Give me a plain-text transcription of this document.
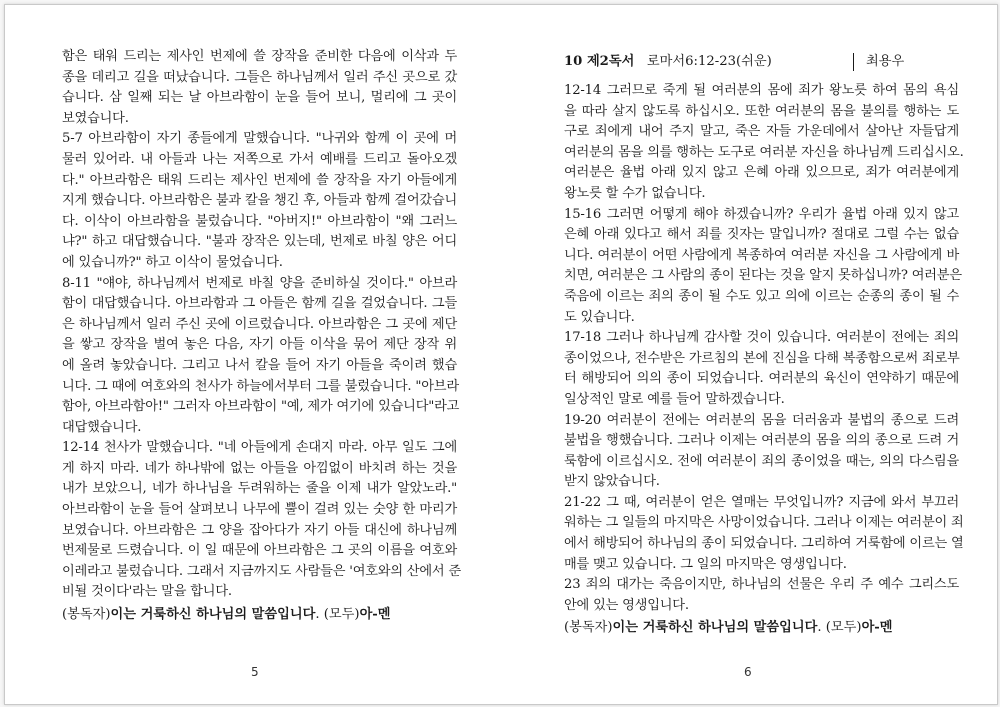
함은 태워 드리는 제사인 번제에 쓸 장작을 준비한 다음에 이삭과 두
종을 데리고 길을 떠났습니다. 그들은 하나님께서 일러 주신 곳으로 갔
습니다. 삼 일째 되는 날 아브라함이 눈을 들어 보니, 멀리에 그 곳이
보였습니다.
5-7 아브라함이 자기 종들에게 말했습니다. "나귀와 함께 이 곳에 머
물러 있어라. 내 아들과 나는 저쪽으로 가서 예배를 드리고 돌아오겠
다." 아브라함은 태워 드리는 제사인 번제에 쓸 장작을 자기 아들에게
지게 했습니다. 아브라함은 불과 칼을 챙긴 후, 아들과 함께 걸어갔습니
다. 이삭이 아브라함을 불렀습니다. "아버지!" 아브라함이 "왜 그러느
냐?" 하고 대답했습니다. "불과 장작은 있는데, 번제로 바칠 양은 어디
에 있습니까?" 하고 이삭이 물었습니다.
8-11 "얘야, 하나님께서 번제로 바칠 양을 준비하실 것이다." 아브라
함이 대답했습니다. 아브라함과 그 아들은 함께 길을 걸었습니다. 그들
은 하나님께서 일러 주신 곳에 이르렀습니다. 아브라함은 그 곳에 제단
을 쌓고 장작을 벌여 놓은 다음, 자기 아들 이삭을 묶어 제단 장작 위
에 올려 놓았습니다. 그리고 나서 칼을 들어 자기 아들을 죽이려 했습
니다. 그 때에 여호와의 천사가 하늘에서부터 그를 불렀습니다. "아브라
함아, 아브라함아!" 그러자 아브라함이 "예, 제가 여기에 있습니다"라고
대답했습니다.
12-14 천사가 말했습니다. "네 아들에게 손대지 마라. 아무 일도 그에
게 하지 마라. 네가 하나밖에 없는 아들을 아낌없이 바치려 하는 것을
내가 보았으니, 네가 하나님을 두려워하는 줄을 이제 내가 알았노라."
아브라함이 눈을 들어 살펴보니 나무에 뿔이 걸려 있는 숫양 한 마리가
보였습니다. 아브라함은 그 양을 잡아다가 자기 아들 대신에 하나님께
번제물로 드렸습니다. 이 일 때문에 아브라함은 그 곳의 이름을 여호와
이레라고 불렀습니다. 그래서 지금까지도 사람들은 '여호와의 산에서 준
비될 것이다'라는 말을 합니다.
(봉독자)이는 거룩하신 하나님의 말씀입니다. (모두)아-멘
5
10 제2독서 로마서6:12-23(쉬운)	최용우
12-14 그러므로 죽게 될 여러분의 몸에 죄가 왕노릇 하여 몸의 욕심
을 따라 살지 않도록 하십시오. 또한 여러분의 몸을 불의를 행하는 도
구로 죄에게 내어 주지 말고, 죽은 자들 가운데에서 살아난 자들답게
여러분의 몸을 의를 행하는 도구로 여러분 자신을 하나님께 드리십시오.
여러분은 율법 아래 있지 않고 은혜 아래 있으므로, 죄가 여러분에게
왕노릇 할 수가 없습니다.
15-16 그러면 어떻게 해야 하겠습니까? 우리가 율법 아래 있지 않고
은혜 아래 있다고 해서 죄를 짓자는 말입니까? 절대로 그럴 수는 없습
니다. 여러분이 어떤 사람에게 복종하여 여러분 자신을 그 사람에게 바
치면, 여러분은 그 사람의 종이 된다는 것을 알지 못하십니까? 여러분은
죽음에 이르는 죄의 종이 될 수도 있고 의에 이르는 순종의 종이 될 수
도 있습니다.
17-18 그러나 하나님께 감사할 것이 있습니다. 여러분이 전에는 죄의
종이었으나, 전수받은 가르침의 본에 진심을 다해 복종함으로써 죄로부
터 해방되어 의의 종이 되었습니다. 여러분의 육신이 연약하기 때문에
일상적인 말로 예를 들어 말하겠습니다.
19-20 여러분이 전에는 여러분의 몸을 더러움과 불법의 종으로 드려
불법을 행했습니다. 그러나 이제는 여러분의 몸을 의의 종으로 드려 거
룩함에 이르십시오. 전에 여러분이 죄의 종이었을 때는, 의의 다스림을
받지 않았습니다.
21-22 그 때, 여러분이 얻은 열매는 무엇입니까? 지금에 와서 부끄러
워하는 그 일들의 마지막은 사망이었습니다. 그러나 이제는 여러분이 죄
에서 해방되어 하나님의 종이 되었습니다. 그리하여 거룩함에 이르는 열
매를 맺고 있습니다. 그 일의 마지막은 영생입니다.
23 죄의 대가는 죽음이지만, 하나님의 선물은 우리 주 예수 그리스도
안에 있는 영생입니다.
(봉독자)이는 거룩하신 하나님의 말씀입니다. (모두)아-멘
6
